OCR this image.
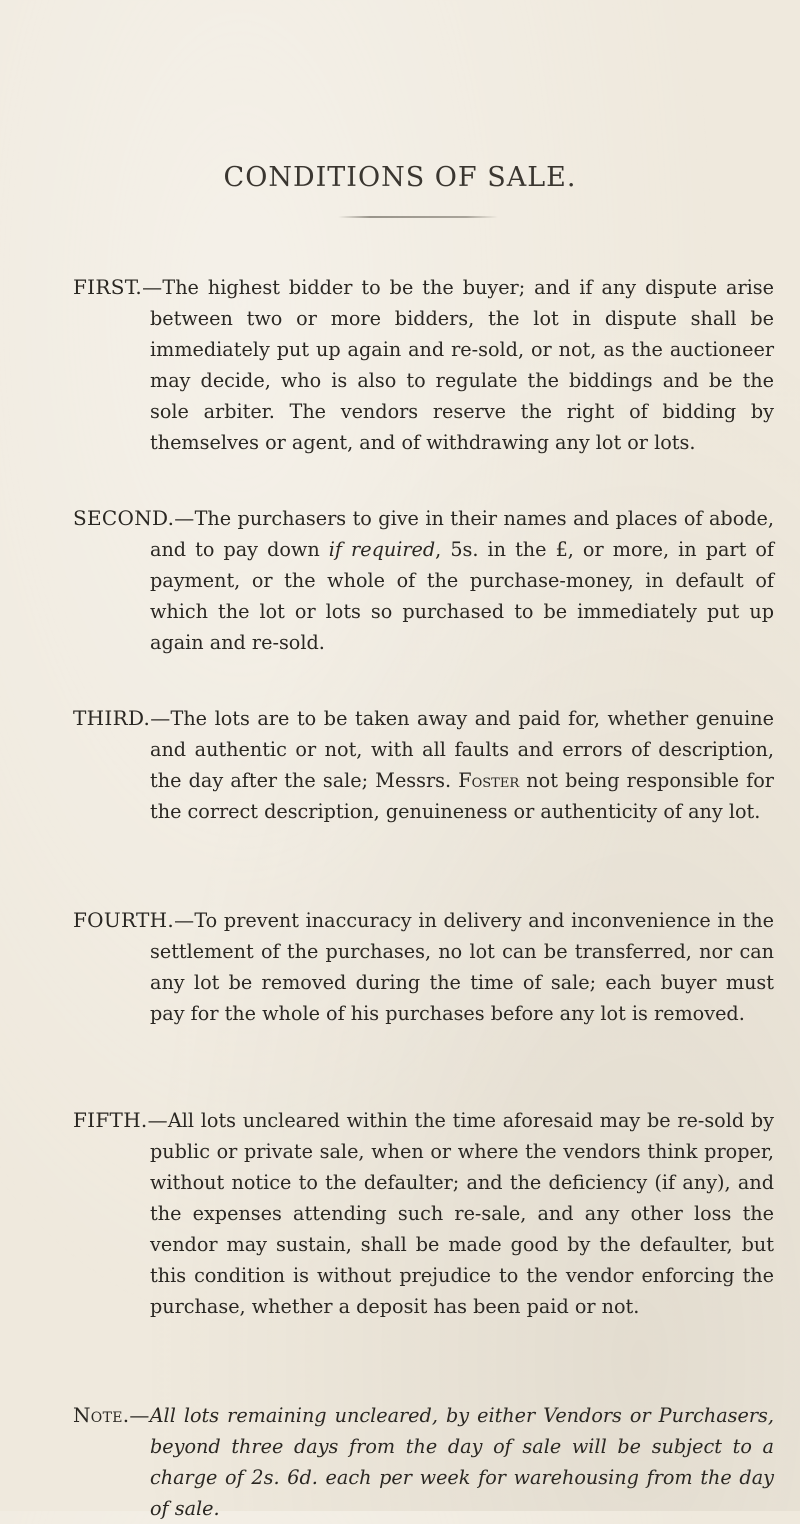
CONDITIONS OF SALE.

FIRST.—The highest bidder to be the buyer; and if any dispute arise between two or more bidders, the lot in dispute shall be immediately put up again and re-sold, or not, as the auctioneer may decide, who is also to regulate the biddings and be the sole arbiter. The vendors reserve the right of bidding by themselves or agent, and of withdrawing any lot or lots.

SECOND.—The purchasers to give in their names and places of abode, and to pay down if required, 5s. in the £, or more, in part of payment, or the whole of the purchase-money, in default of which the lot or lots so purchased to be immediately put up again and re-sold.

THIRD.—The lots are to be taken away and paid for, whether genuine and authentic or not, with all faults and errors of description, the day after the sale; Messrs. Foster not being responsible for the correct description, genuineness or authenticity of any lot.

FOURTH.—To prevent inaccuracy in delivery and inconvenience in the settlement of the purchases, no lot can be transferred, nor can any lot be removed during the time of sale; each buyer must pay for the whole of his purchases before any lot is removed.

FIFTH.—All lots uncleared within the time aforesaid may be re-sold by public or private sale, when or where the vendors think proper, without notice to the defaulter; and the deficiency (if any), and the expenses attending such re-sale, and any other loss the vendor may sustain, shall be made good by the defaulter, but this condition is without prejudice to the vendor enforcing the purchase, whether a deposit has been paid or not.

Note.—All lots remaining uncleared, by either Vendors or Purchasers, beyond three days from the day of sale will be subject to a charge of 2s. 6d. each per week for warehousing from the day of sale.
